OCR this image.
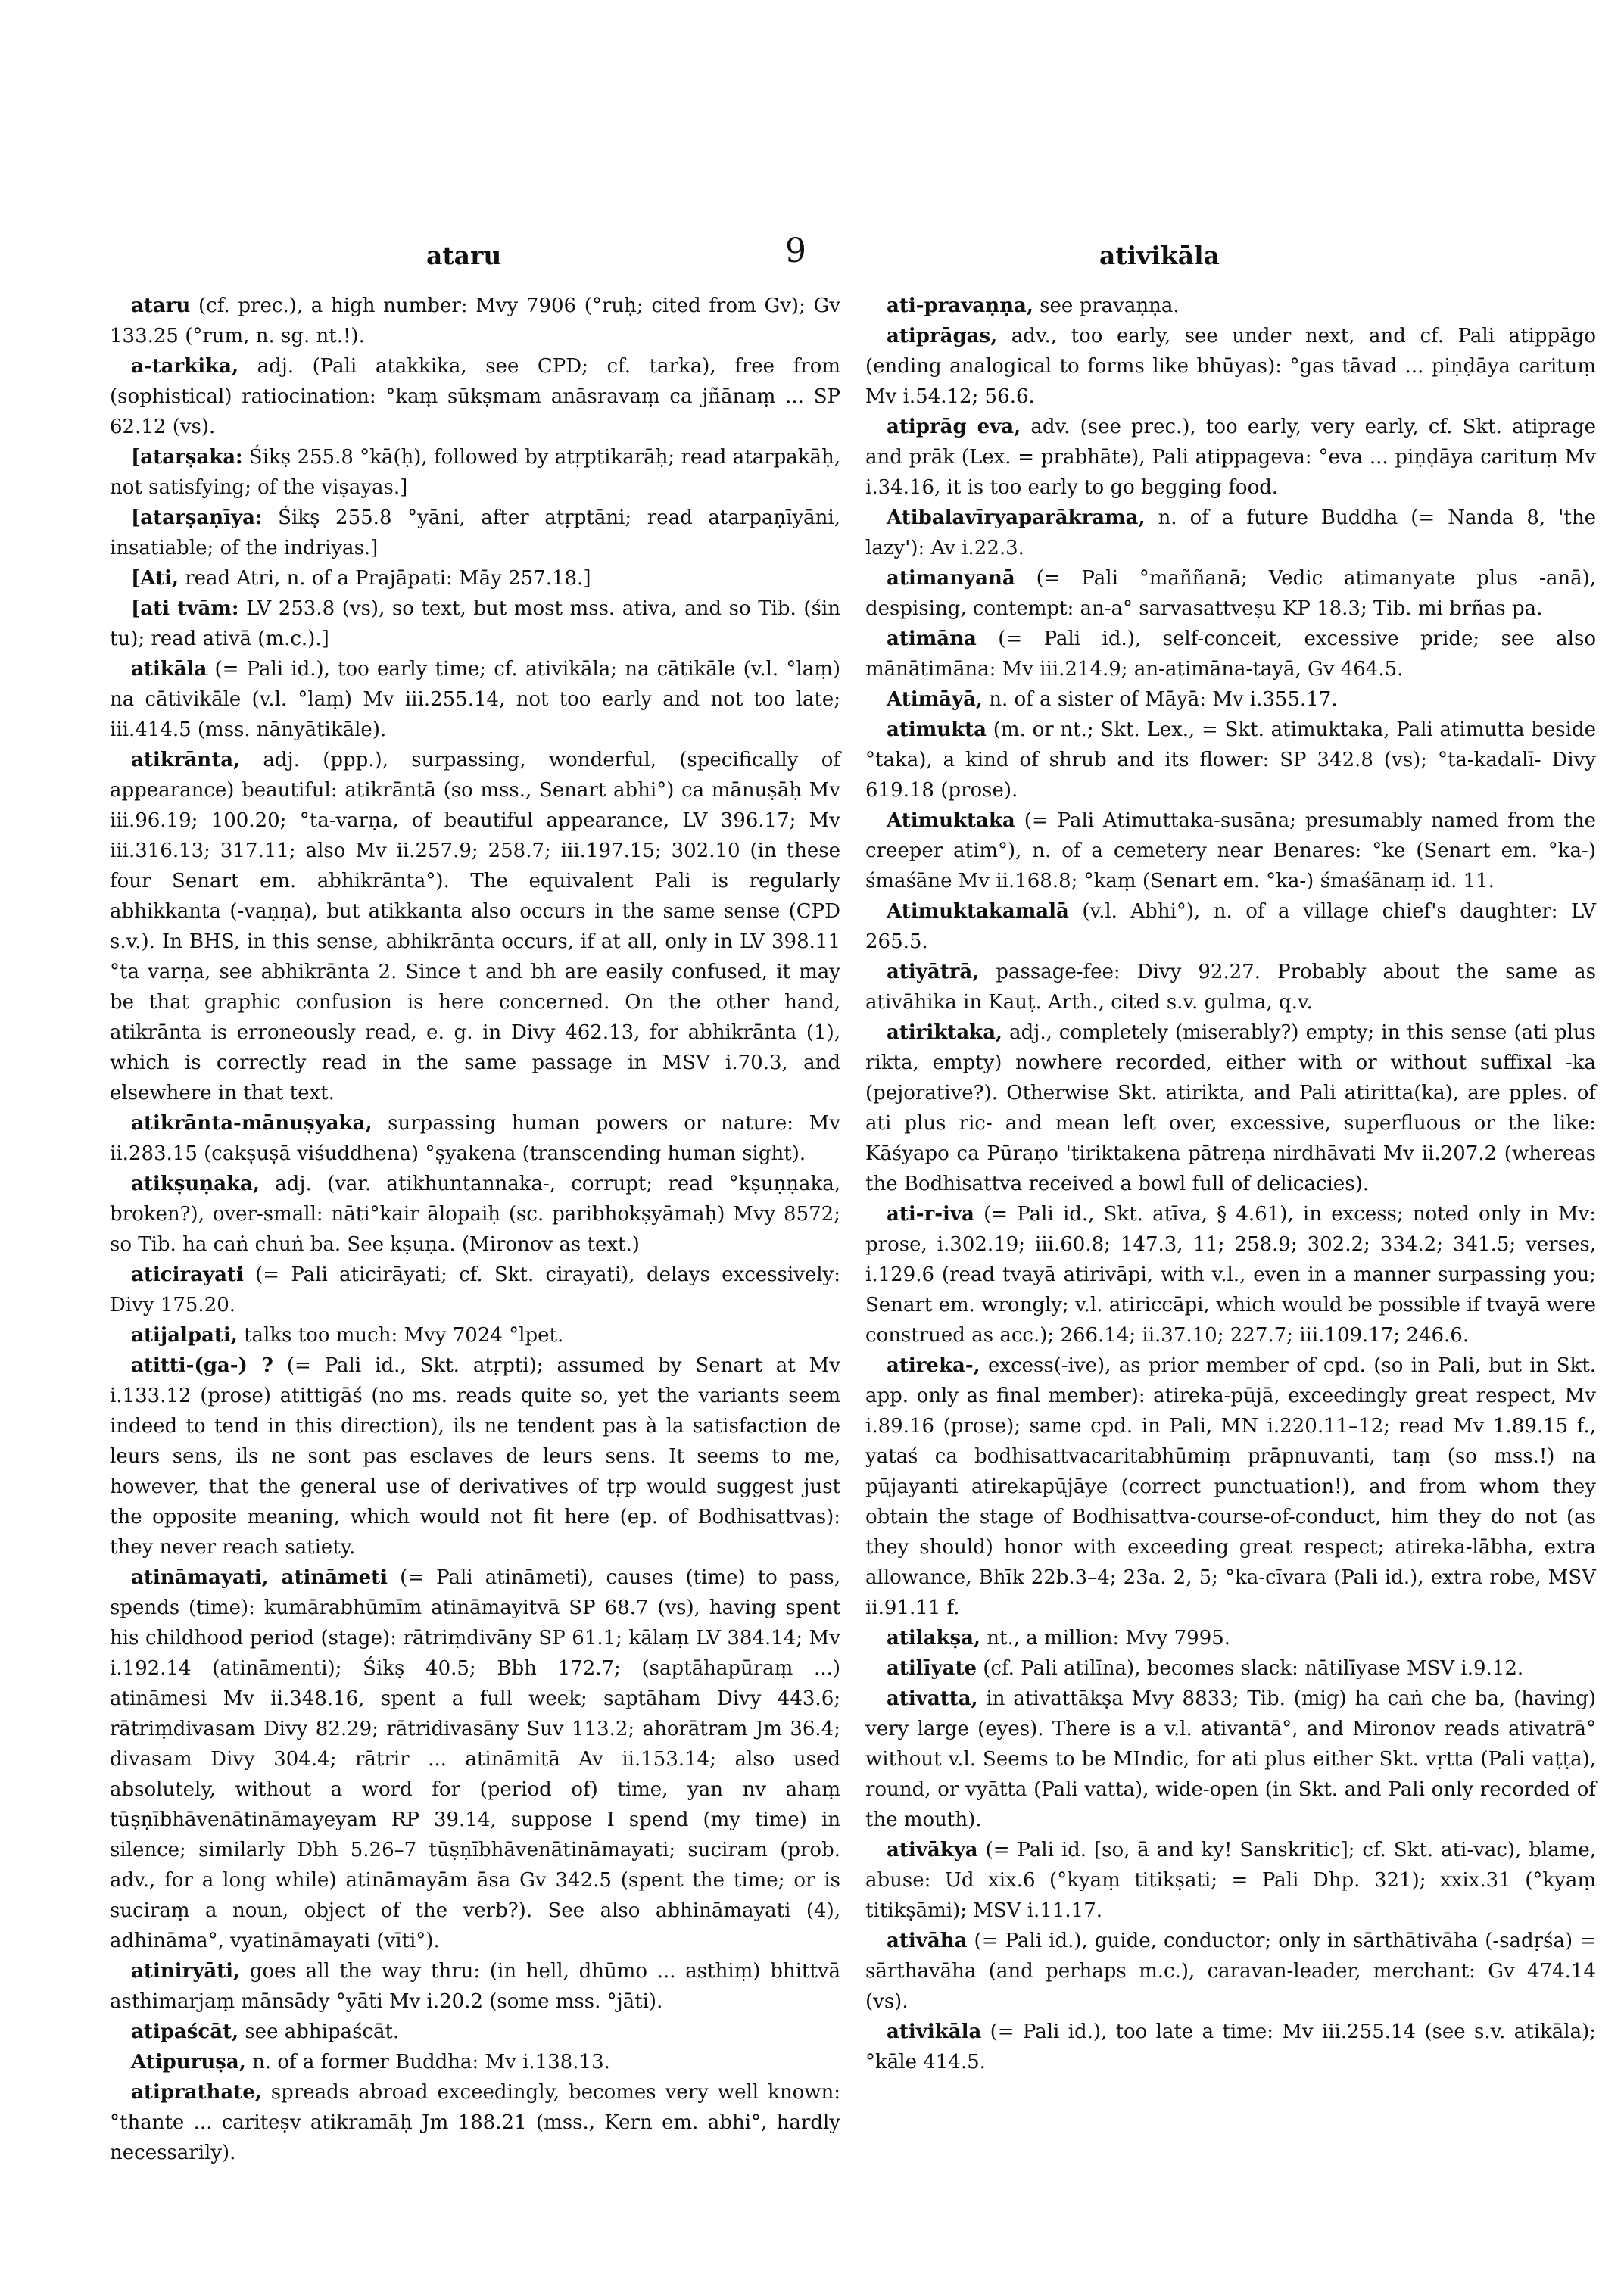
ataru	9	ativikāla

ataru (cf. prec.), a high number: Mvy 7906 (°ruḥ; cited from Gv); Gv 133.25 (°rum, n. sg. nt.!).

a-tarkika, adj. (Pali atakkika, see CPD; cf. tarka), free from (sophistical) ratiocination: °kaṃ sūkṣmam anāsravaṃ ca jñānaṃ ... SP 62.12 (vs).

[atarṣaka: Śikṣ 255.8 °kā(ḥ), followed by atṛptikarāḥ; read atarpakāḥ, not satisfying; of the viṣayas.]

[atarṣaṇīya: Śikṣ 255.8 °yāni, after atṛptāni; read atarpaṇīyāni, insatiable; of the indriyas.]

[Ati, read Atri, n. of a Prajāpati: Māy 257.18.]

[ati tvām: LV 253.8 (vs), so text, but most mss. ativa, and so Tib. (śin tu); read ativā (m.c.).]

atikāla (= Pali id.), too early time; cf. ativikāla; na cātikāle (v.l. °laṃ) na cātivikāle (v.l. °laṃ) Mv iii.255.14, not too early and not too late; iii.414.5 (mss. nānyātikāle).

atikrānta, adj. (ppp.), surpassing, wonderful, (specifically of appearance) beautiful: atikrāntā (so mss., Senart abhi°) ca mānuṣāḥ Mv iii.96.19; 100.20; °ta-varṇa, of beautiful appearance, LV 396.17; Mv iii.316.13; 317.11; also Mv ii.257.9; 258.7; iii.197.15; 302.10 (in these four Senart em. abhikrānta°). The equivalent Pali is regularly abhikkanta (-vaṇṇa), but atikkanta also occurs in the same sense (CPD s.v.). In BHS, in this sense, abhikrānta occurs, if at all, only in LV 398.11 °ta varṇa, see abhikrānta 2. Since t and bh are easily confused, it may be that graphic confusion is here concerned. On the other hand, atikrānta is erroneously read, e. g. in Divy 462.13, for abhikrānta (1), which is correctly read in the same passage in MSV i.70.3, and elsewhere in that text.

atikrānta-mānuṣyaka, surpassing human powers or nature: Mv ii.283.15 (cakṣuṣā viśuddhena) °ṣyakena (transcending human sight).

atikṣuṇaka, adj. (var. atikhuntannaka-, corrupt; read °kṣuṇṇaka, broken?), over-small: nāti°kair ālopaiḥ (sc. paribhokṣyāmaḥ) Mvy 8572; so Tib. ha caṅ chuṅ ba. See kṣuṇa. (Mironov as text.)

aticirayati (= Pali aticirāyati; cf. Skt. cirayati), delays excessively: Divy 175.20.

atijalpati, talks too much: Mvy 7024 °lpet.

atitti-(ga-) ? (= Pali id., Skt. atṛpti); assumed by Senart at Mv i.133.12 (prose) atittigāś (no ms. reads quite so, yet the variants seem indeed to tend in this direction), ils ne tendent pas à la satisfaction de leurs sens, ils ne sont pas esclaves de leurs sens. It seems to me, however, that the general use of derivatives of tṛp would suggest just the opposite meaning, which would not fit here (ep. of Bodhisattvas): they never reach satiety.

atināmayati, atināmeti (= Pali atināmeti), causes (time) to pass, spends (time): kumārabhūmīm atināmayitvā SP 68.7 (vs), having spent his childhood period (stage): rātriṃdivāny SP 61.1; kālaṃ LV 384.14; Mv i.192.14 (atināmenti); Śikṣ 40.5; Bbh 172.7; (saptāhapūraṃ ...) atināmesi Mv ii.348.16, spent a full week; saptāham Divy 443.6; rātriṃdivasam Divy 82.29; rātridivasāny Suv 113.2; ahorātram Jm 36.4; divasam Divy 304.4; rātrir ... atināmitā Av ii.153.14; also used absolutely, without a word for (period of) time, yan nv ahaṃ tūṣṇībhāvenātināmayeyam RP 39.14, suppose I spend (my time) in silence; similarly Dbh 5.26–7 tūṣṇībhāvenātināmayati; suciram (prob. adv., for a long while) atināmayām āsa Gv 342.5 (spent the time; or is suciraṃ a noun, object of the verb?). See also abhināmayati (4), adhināma°, vyatināmayati (vīti°).

atiniryāti, goes all the way thru: (in hell, dhūmo ... asthiṃ) bhittvā asthimarjaṃ mānsādy °yāti Mv i.20.2 (some mss. °jāti).

atipaścāt, see abhipaścāt.

Atipuruṣa, n. of a former Buddha: Mv i.138.13.

atiprathate, spreads abroad exceedingly, becomes very well known: °thante ... cariteṣv atikramāḥ Jm 188.21 (mss., Kern em. abhi°, hardly necessarily).

ati-pravaṇṇa, see pravaṇṇa.

atiprāgas, adv., too early, see under next, and cf. Pali atippāgo (ending analogical to forms like bhūyas): °gas tāvad ... piṇḍāya carituṃ Mv i.54.12; 56.6.

atiprāg eva, adv. (see prec.), too early, very early, cf. Skt. atiprage and prāk (Lex. = prabhāte), Pali atippageva: °eva ... piṇḍāya carituṃ Mv i.34.16, it is too early to go begging food.

Atibalavīryaparākrama, n. of a future Buddha (= Nanda 8, 'the lazy'): Av i.22.3.

atimanyanā (= Pali °maññanā; Vedic atimanyate plus -anā), despising, contempt: an-a° sarvasattveṣu KP 18.3; Tib. mi brñas pa.

atimāna (= Pali id.), self-conceit, excessive pride; see also mānātimāna: Mv iii.214.9; an-atimāna-tayā, Gv 464.5.

Atimāyā, n. of a sister of Māyā: Mv i.355.17.

atimukta (m. or nt.; Skt. Lex., = Skt. atimuktaka, Pali atimutta beside °taka), a kind of shrub and its flower: SP 342.8 (vs); °ta-kadalī- Divy 619.18 (prose).

Atimuktaka (= Pali Atimuttaka-susāna; presumably named from the creeper atim°), n. of a cemetery near Benares: °ke (Senart em. °ka-) śmaśāne Mv ii.168.8; °kaṃ (Senart em. °ka-) śmaśānaṃ id. 11.

Atimuktakamalā (v.l. Abhi°), n. of a village chief's daughter: LV 265.5.

atiyātrā, passage-fee: Divy 92.27. Probably about the same as ativāhika in Kauṭ. Arth., cited s.v. gulma, q.v.

atiriktaka, adj., completely (miserably?) empty; in this sense (ati plus rikta, empty) nowhere recorded, either with or without suffixal -ka (pejorative?). Otherwise Skt. atirikta, and Pali atiritta(ka), are pples. of ati plus ric- and mean left over, excessive, superfluous or the like: Kāśyapo ca Pūraṇo 'tiriktakena pātreṇa nirdhāvati Mv ii.207.2 (whereas the Bodhisattva received a bowl full of delicacies).

ati-r-iva (= Pali id., Skt. atīva, § 4.61), in excess; noted only in Mv: prose, i.302.19; iii.60.8; 147.3, 11; 258.9; 302.2; 334.2; 341.5; verses, i.129.6 (read tvayā atirivāpi, with v.l., even in a manner surpassing you; Senart em. wrongly; v.l. atiriccāpi, which would be possible if tvayā were construed as acc.); 266.14; ii.37.10; 227.7; iii.109.17; 246.6.

atireka-, excess(-ive), as prior member of cpd. (so in Pali, but in Skt. app. only as final member): atireka-pūjā, exceedingly great respect, Mv i.89.16 (prose); same cpd. in Pali, MN i.220.11–12; read Mv 1.89.15 f., yataś ca bodhisattvacaritabhūmiṃ prāpnuvanti, taṃ (so mss.!) na pūjayanti atirekapūjāye (correct punctuation!), and from whom they obtain the stage of Bodhisattva-course-of-conduct, him they do not (as they should) honor with exceeding great respect; atireka-lābha, extra allowance, Bhīk 22b.3–4; 23a. 2, 5; °ka-cīvara (Pali id.), extra robe, MSV ii.91.11 f.

atilakṣa, nt., a million: Mvy 7995.

atilīyate (cf. Pali atilīna), becomes slack: nātilīyase MSV i.9.12.

ativatta, in ativattākṣa Mvy 8833; Tib. (mig) ha caṅ che ba, (having) very large (eyes). There is a v.l. ativantā°, and Mironov reads ativatrā° without v.l. Seems to be MIndic, for ati plus either Skt. vṛtta (Pali vaṭṭa), round, or vyātta (Pali vatta), wide-open (in Skt. and Pali only recorded of the mouth).

ativākya (= Pali id. [so, ā and ky! Sanskritic]; cf. Skt. ati-vac), blame, abuse: Ud xix.6 (°kyaṃ titikṣati; = Pali Dhp. 321); xxix.31 (°kyaṃ titikṣāmi); MSV i.11.17.

ativāha (= Pali id.), guide, conductor; only in sārthātivāha (-sadṛśa) = sārthavāha (and perhaps m.c.), caravan-leader, merchant: Gv 474.14 (vs).

ativikāla (= Pali id.), too late a time: Mv iii.255.14 (see s.v. atikāla); °kāle 414.5.
